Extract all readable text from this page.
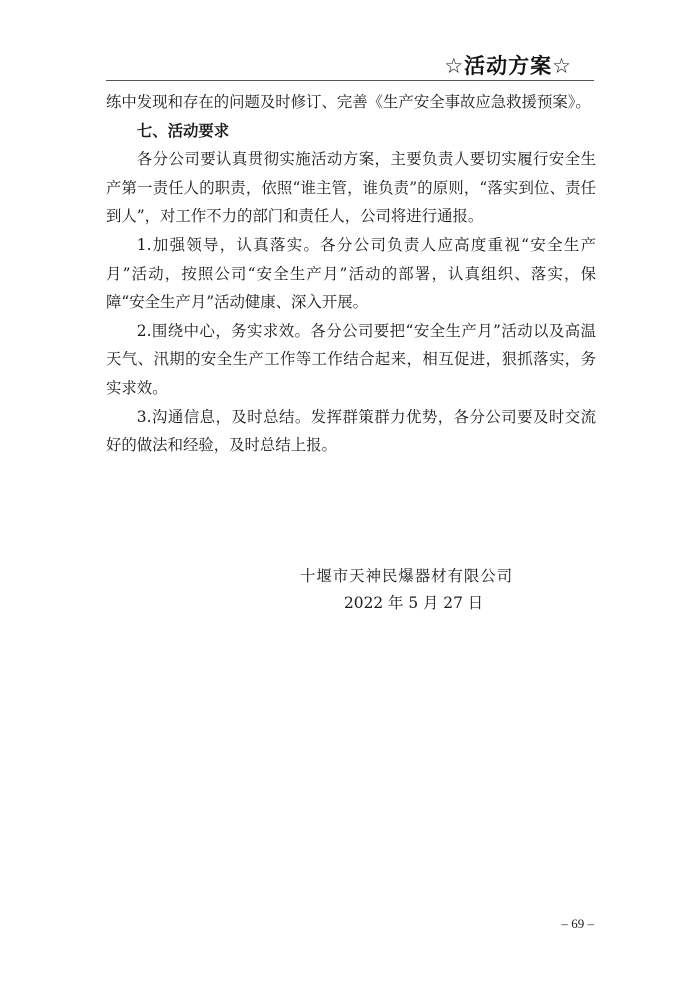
☆活动方案☆

练中发现和存在的问题及时修订、完善《生产安全事故应急救援预案》。

七、活动要求

各分公司要认真贯彻实施活动方案，主要负责人要切实履行安全生产第一责任人的职责，依照“谁主管，谁负责”的原则，“落实到位、责任到人”，对工作不力的部门和责任人，公司将进行通报。

1.加强领导，认真落实。各分公司负责人应高度重视“安全生产月”活动，按照公司“安全生产月”活动的部署，认真组织、落实，保障“安全生产月”活动健康、深入开展。

2.围绕中心，务实求效。各分公司要把“安全生产月”活动以及高温天气、汛期的安全生产工作等工作结合起来，相互促进，狠抓落实，务实求效。

3.沟通信息，及时总结。发挥群策群力优势，各分公司要及时交流好的做法和经验，及时总结上报。

十堰市天神民爆器材有限公司
2022 年 5 月 27 日
– 69 –
